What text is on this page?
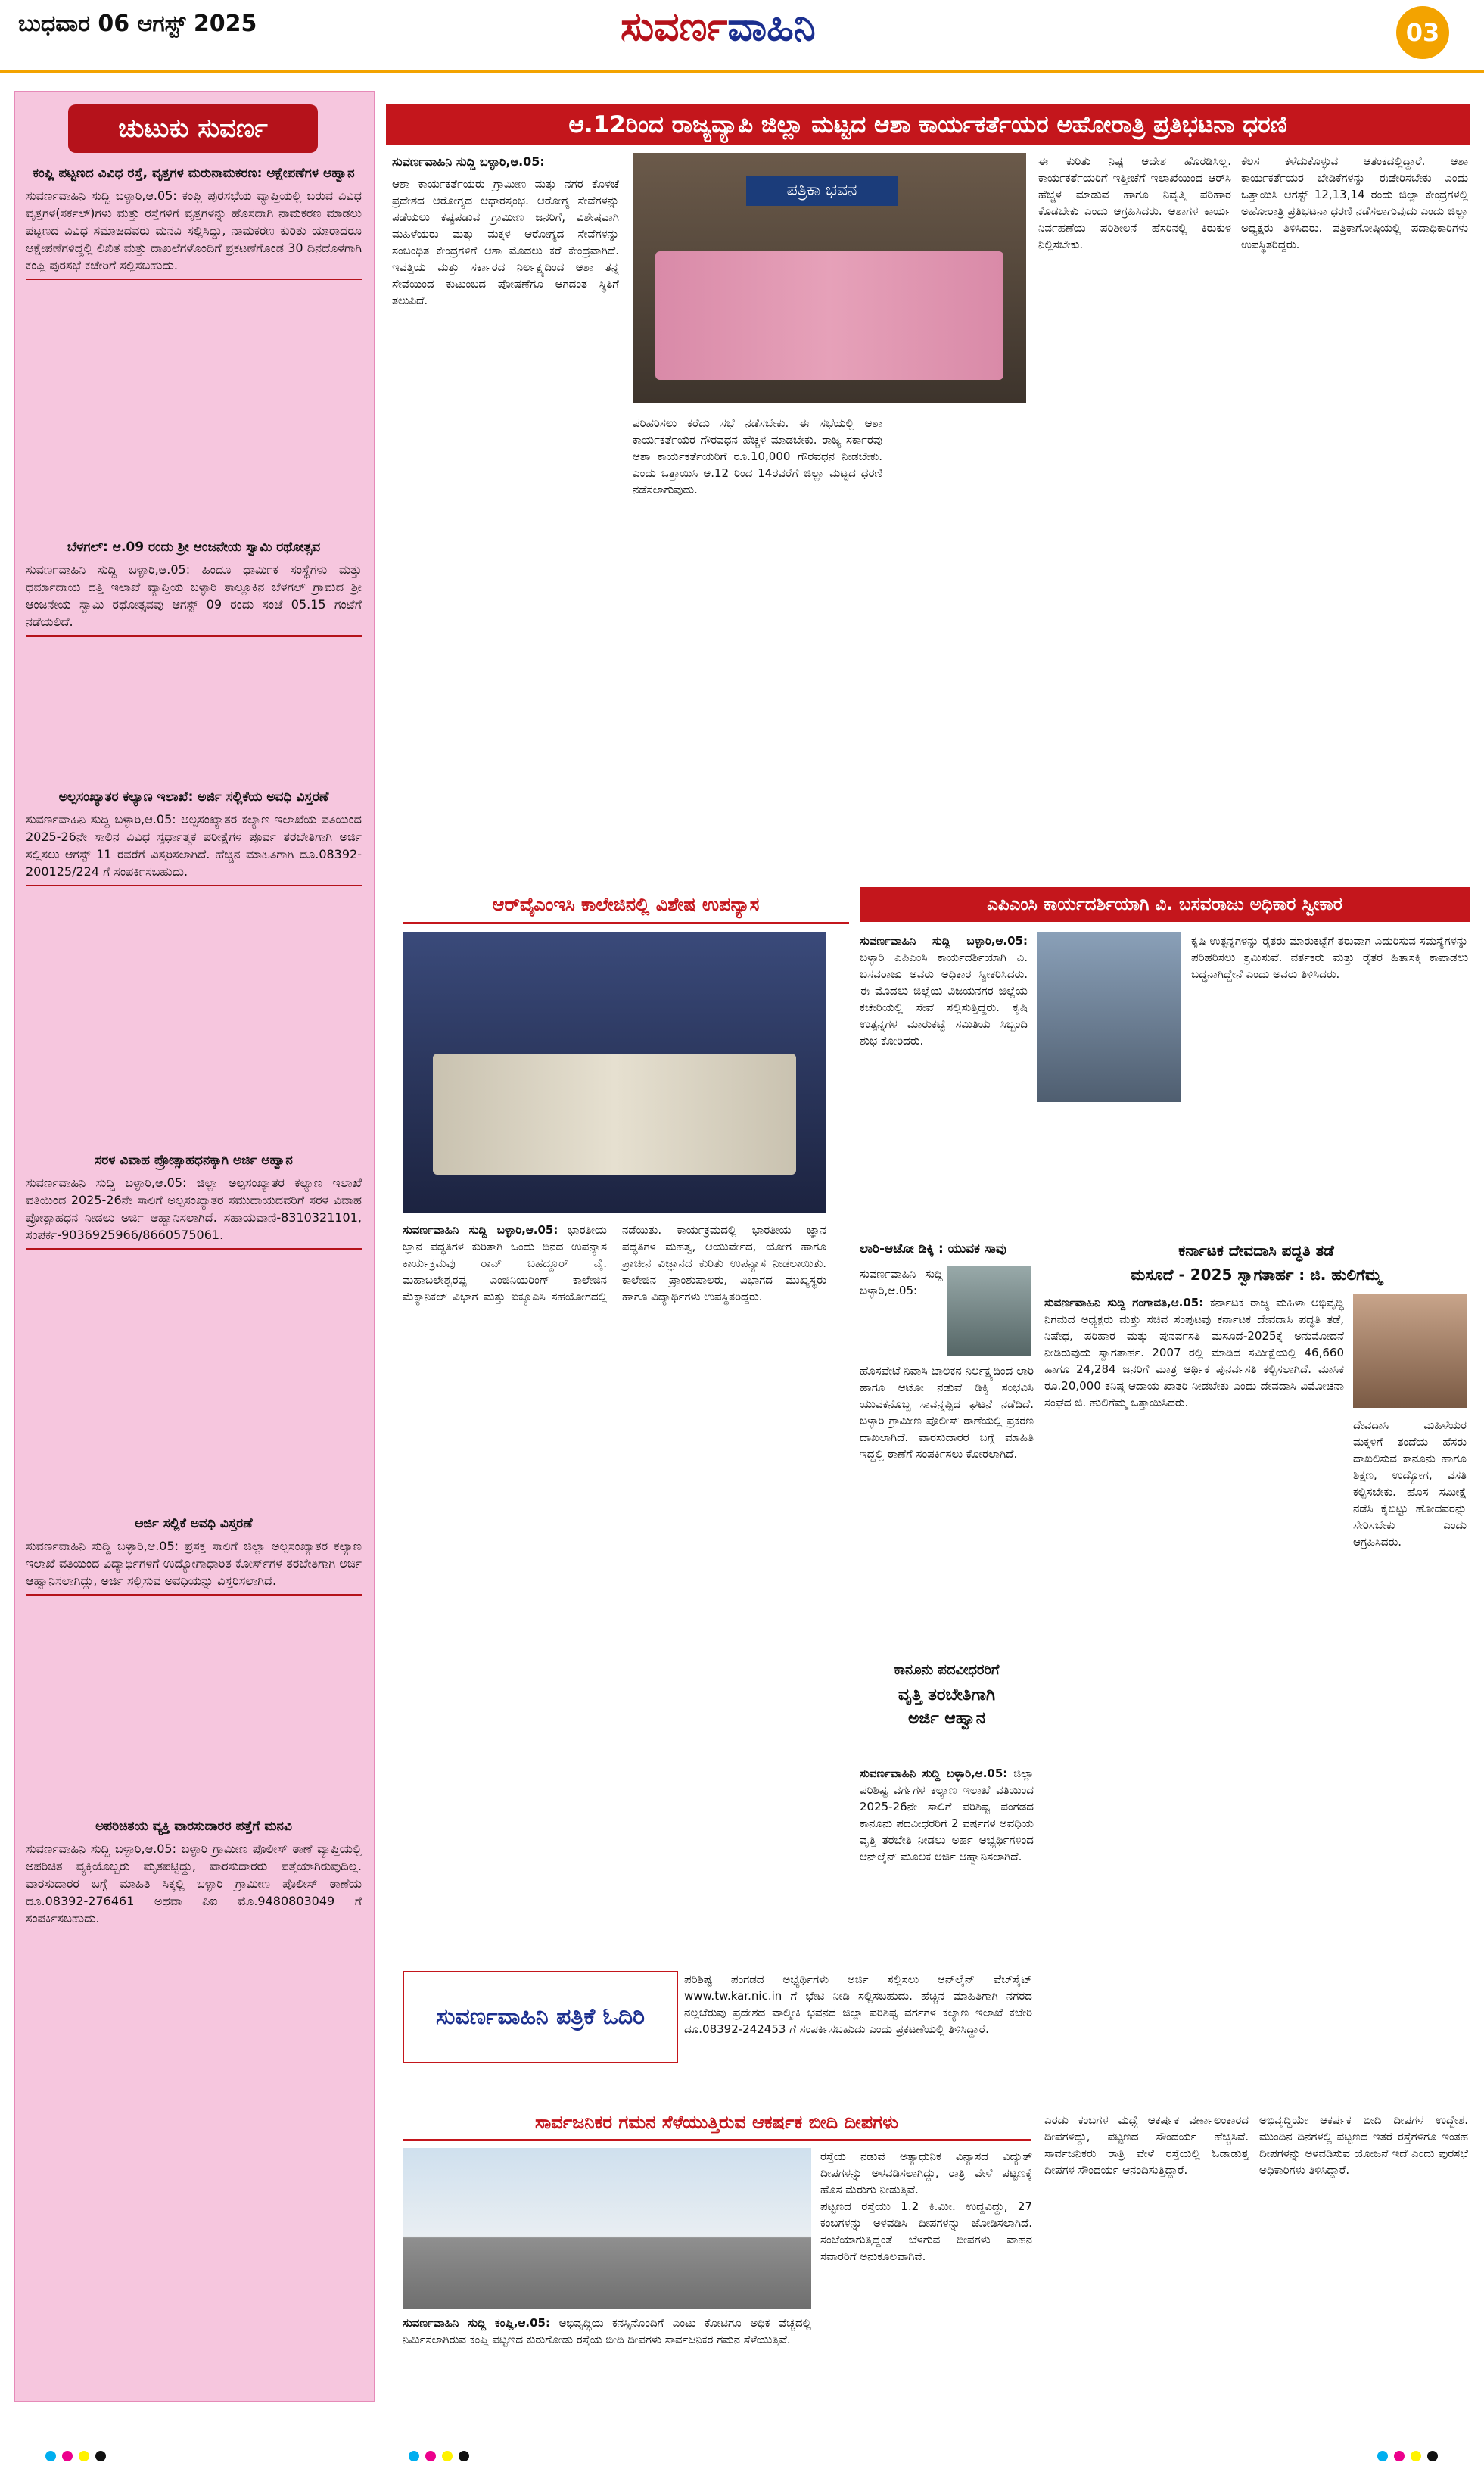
ಬುಧವಾರ 06 ಆಗಸ್ಟ್ 2025	ಸುವರ್ಣವಾಹಿನಿ	03
ಚುಟುಕು ಸುವರ್ಣ
ಕಂಪ್ಲಿ ಪಟ್ಟಣದ ವಿವಿಧ ರಸ್ತೆ, ವೃತ್ತಗಳ ಮರುನಾಮಕರಣ: ಆಕ್ಷೇಪಣೆಗಳ ಆಹ್ವಾನ
ಸುವರ್ಣವಾಹಿನಿ ಸುದ್ದಿ ಬಳ್ಳಾರಿ,ಆ.05: ಕಂಪ್ಲಿ ಪುರಸಭೆಯ ವ್ಯಾಪ್ತಿಯಲ್ಲಿ ಬರುವ ವಿವಿಧ ವೃತ್ತಗಳ(ಸರ್ಕಲ್)ಗಳು ಮತ್ತು ರಸ್ತೆಗಳಿಗೆ ವೃತ್ತಗಳನ್ನು ಹೊಸದಾಗಿ ನಾಮಕರಣ ಮಾಡಲು ಪಟ್ಟಣದ ವಿವಿಧ ಸಮಾಜದವರು ಮನವಿ ಸಲ್ಲಿಸಿದ್ದು, ನಾಮಕರಣ ಕುರಿತು ಯಾರಾದರೂ ಆಕ್ಷೇಪಣೆಗಳಿದ್ದಲ್ಲಿ ಲಿಖಿತ ಮತ್ತು ದಾಖಲೆಗಳೊಂದಿಗೆ ಪ್ರಕಟಣೆಗೊಂಡ 30 ದಿನದೊಳಗಾಗಿ ಕಂಪ್ಲಿ ಪುರಸಭೆ ಕಚೇರಿಗೆ ಸಲ್ಲಿಸಬಹುದು.
ಬೆಳಗಲ್: ಆ.09 ರಂದು ಶ್ರೀ ಆಂಜನೇಯ ಸ್ವಾಮಿ ರಥೋತ್ಸವ
ಸುವರ್ಣವಾಹಿನಿ ಸುದ್ದಿ ಬಳ್ಳಾರಿ,ಆ.05: ಹಿಂದೂ ಧಾರ್ಮಿಕ ಸಂಸ್ಥೆಗಳು ಮತ್ತು ಧರ್ಮಾದಾಯ ದತ್ತಿ ಇಲಾಖೆ ವ್ಯಾಪ್ತಿಯ ಬಳ್ಳಾರಿ ತಾಲ್ಲೂಕಿನ ಬೆಳಗಲ್ ಗ್ರಾಮದ ಶ್ರೀ ಆಂಜನೇಯ ಸ್ವಾಮಿ ರಥೋತ್ಸವವು ಆಗಸ್ಟ್ 09 ರಂದು ಸಂಜೆ 05.15 ಗಂಟೆಗೆ ನಡೆಯಲಿದೆ.
ಅಲ್ಪಸಂಖ್ಯಾತರ ಕಲ್ಯಾಣ ಇಲಾಖೆ: ಅರ್ಜಿ ಸಲ್ಲಿಕೆಯ ಅವಧಿ ವಿಸ್ತರಣೆ
ಸುವರ್ಣವಾಹಿನಿ ಸುದ್ದಿ ಬಳ್ಳಾರಿ,ಆ.05: ಅಲ್ಪಸಂಖ್ಯಾತರ ಕಲ್ಯಾಣ ಇಲಾಖೆಯ ವತಿಯಿಂದ 2025-26ನೇ ಸಾಲಿನ ವಿವಿಧ ಸ್ಪರ್ಧಾತ್ಮಕ ಪರೀಕ್ಷೆಗಳ ಪೂರ್ವ ತರಬೇತಿಗಾಗಿ ಅರ್ಜಿ ಸಲ್ಲಿಸಲು ಆಗಸ್ಟ್ 11 ರವರೆಗೆ ವಿಸ್ತರಿಸಲಾಗಿದೆ. ಹೆಚ್ಚಿನ ಮಾಹಿತಿಗಾಗಿ ದೂ.08392-200125/224 ಗೆ ಸಂಪರ್ಕಿಸಬಹುದು.
ಸರಳ ವಿವಾಹ ಪ್ರೋತ್ಸಾಹಧನಕ್ಕಾಗಿ ಅರ್ಜಿ ಆಹ್ವಾನ
ಸುವರ್ಣವಾಹಿನಿ ಸುದ್ದಿ ಬಳ್ಳಾರಿ,ಆ.05: ಜಿಲ್ಲಾ ಅಲ್ಪಸಂಖ್ಯಾತರ ಕಲ್ಯಾಣ ಇಲಾಖೆ ವತಿಯಿಂದ 2025-26ನೇ ಸಾಲಿಗೆ ಅಲ್ಪಸಂಖ್ಯಾತರ ಸಮುದಾಯದವರಿಗೆ ಸರಳ ವಿವಾಹ ಪ್ರೋತ್ಸಾಹಧನ ನೀಡಲು ಅರ್ಜಿ ಆಹ್ವಾನಿಸಲಾಗಿದೆ. ಸಹಾಯವಾಣಿ-8310321101, ಸಂಪರ್ಕ-9036925966/8660575061.
ಅರ್ಜಿ ಸಲ್ಲಿಕೆ ಅವಧಿ ವಿಸ್ತರಣೆ
ಸುವರ್ಣವಾಹಿನಿ ಸುದ್ದಿ ಬಳ್ಳಾರಿ,ಆ.05: ಪ್ರಸಕ್ತ ಸಾಲಿಗೆ ಜಿಲ್ಲಾ ಅಲ್ಪಸಂಖ್ಯಾತರ ಕಲ್ಯಾಣ ಇಲಾಖೆ ವತಿಯಿಂದ ವಿದ್ಯಾರ್ಥಿಗಳಿಗೆ ಉದ್ಯೋಗಾಧಾರಿತ ಕೋರ್ಸ್‌ಗಳ ತರಬೇತಿಗಾಗಿ ಅರ್ಜಿ ಆಹ್ವಾನಿಸಲಾಗಿದ್ದು, ಅರ್ಜಿ ಸಲ್ಲಿಸುವ ಅವಧಿಯನ್ನು ವಿಸ್ತರಿಸಲಾಗಿದೆ.
ಅಪರಿಚಿತಯ ವ್ಯಕ್ತಿ ವಾರಸುದಾರರ ಪತ್ತೆಗೆ ಮನವಿ
ಸುವರ್ಣವಾಹಿನಿ ಸುದ್ದಿ ಬಳ್ಳಾರಿ,ಆ.05: ಬಳ್ಳಾರಿ ಗ್ರಾಮೀಣ ಪೊಲೀಸ್ ಠಾಣೆ ವ್ಯಾಪ್ತಿಯಲ್ಲಿ ಅಪರಿಚಿತ ವ್ಯಕ್ತಿಯೊಬ್ಬರು ಮೃತಪಟ್ಟಿದ್ದು, ವಾರಸುದಾರರು ಪತ್ತೆಯಾಗಿರುವುದಿಲ್ಲ. ವಾರಸುದಾರರ ಬಗ್ಗೆ ಮಾಹಿತಿ ಸಿಕ್ಕಲ್ಲಿ ಬಳ್ಳಾರಿ ಗ್ರಾಮೀಣ ಪೊಲೀಸ್ ಠಾಣೆಯ ದೂ.08392-276461 ಅಥವಾ ಪಿಐ ಮೊ.9480803049 ಗೆ ಸಂಪರ್ಕಿಸಬಹುದು.
ಆ.12ರಿಂದ ರಾಜ್ಯವ್ಯಾಪಿ ಜಿಲ್ಲಾ ಮಟ್ಟದ ಆಶಾ ಕಾರ್ಯಕರ್ತೆಯರ ಅಹೋರಾತ್ರಿ ಪ್ರತಿಭಟನಾ ಧರಣಿ
ಸುವರ್ಣವಾಹಿನಿ ಸುದ್ದಿ ಬಳ್ಳಾರಿ,ಆ.05:
ಆಶಾ ಕಾರ್ಯಕರ್ತೆಯರು ಗ್ರಾಮೀಣ ಮತ್ತು ನಗರ ಕೊಳಚೆ ಪ್ರದೇಶದ ಆರೋಗ್ಯದ ಆಧಾರಸ್ತಂಭ. ಆರೋಗ್ಯ ಸೇವೆಗಳನ್ನು ಪಡೆಯಲು ಕಷ್ಟಪಡುವ ಗ್ರಾಮೀಣ ಜನರಿಗೆ, ವಿಶೇಷವಾಗಿ ಮಹಿಳೆಯರು ಮತ್ತು ಮಕ್ಕಳ ಆರೋಗ್ಯದ ಸೇವೆಗಳನ್ನು ಸಂಬಂಧಿತ ಕೇಂದ್ರಗಳಿಗೆ ಆಶಾ ಮೊದಲು ಕರೆ ಕೇಂದ್ರವಾಗಿದೆ. ಇವತ್ತಿಯ ಮತ್ತು ಸರ್ಕಾರದ ನಿರ್ಲಕ್ಷ್ಯದಿಂದ ಆಶಾ ತನ್ನ ಸೇವೆಯಿಂದ ಕುಟುಂಬದ ಪೋಷಣೆಗೂ ಆಗದಂತ ಸ್ಥಿತಿಗೆ ತಲುಪಿದೆ.
ಪತ್ರಿಕಾ ಭವನ
ಪರಿಹರಿಸಲು ಕರೆದು ಸಭೆ ನಡೆಸಬೇಕು. ಈ ಸಭೆಯಲ್ಲಿ ಆಶಾ ಕಾರ್ಯಕರ್ತೆಯರ ಗೌರವಧನ ಹೆಚ್ಚಳ ಮಾಡಬೇಕು. ರಾಜ್ಯ ಸರ್ಕಾರವು ಆಶಾ ಕಾರ್ಯಕರ್ತೆಯರಿಗೆ ರೂ.10,000 ಗೌರವಧನ ನೀಡಬೇಕು. ಎಂದು ಒತ್ತಾಯಿಸಿ ಆ.12 ರಿಂದ 14ರವರೆಗೆ ಜಿಲ್ಲಾ ಮಟ್ಟದ ಧರಣಿ ನಡೆಸಲಾಗುವುದು.
ಈ ಕುರಿತು ನಿಷ್ಪ ಆದೇಶ ಹೊರಡಿಸಿಲ್ಲ. ಕಾರ್ಯಕರ್ತೆಯರಿಗೆ ಇತ್ತೀಚೆಗೆ ಇಲಾಖೆಯಿಂದ ಆರ್‌ಸಿ ಹೆಚ್ಚಳ ಮಾಡುವ ಹಾಗೂ ನಿವೃತ್ತಿ ಪರಿಹಾರ ಕೊಡಬೇಕು ಎಂದು ಆಗ್ರಹಿಸಿದರು. ಆಶಾಗಳ ಕಾರ್ಯ ನಿರ್ವಹಣೆಯ ಪರಿಶೀಲನೆ ಹೆಸರಿನಲ್ಲಿ ಕಿರುಕುಳ ನಿಲ್ಲಿಸಬೇಕು.
ಕೆಲಸ ಕಳೆದುಕೊಳ್ಳುವ ಆತಂಕದಲ್ಲಿದ್ದಾರೆ. ಆಶಾ ಕಾರ್ಯಕರ್ತೆಯರ ಬೇಡಿಕೆಗಳನ್ನು ಈಡೇರಿಸಬೇಕು ಎಂದು ಒತ್ತಾಯಿಸಿ ಆಗಸ್ಟ್ 12,13,14 ರಂದು ಜಿಲ್ಲಾ ಕೇಂದ್ರಗಳಲ್ಲಿ ಅಹೋರಾತ್ರಿ ಪ್ರತಿಭಟನಾ ಧರಣಿ ನಡೆಸಲಾಗುವುದು ಎಂದು ಜಿಲ್ಲಾ ಅಧ್ಯಕ್ಷರು ತಿಳಿಸಿದರು. ಪತ್ರಿಕಾಗೋಷ್ಠಿಯಲ್ಲಿ ಪದಾಧಿಕಾರಿಗಳು ಉಪಸ್ಥಿತರಿದ್ದರು.
ಆರ್‌ವೈಎಂಇಸಿ ಕಾಲೇಜಿನಲ್ಲಿ ವಿಶೇಷ ಉಪನ್ಯಾಸ
ಸುವರ್ಣವಾಹಿನಿ ಸುದ್ದಿ ಬಳ್ಳಾರಿ,ಆ.05: ಭಾರತೀಯ ಜ್ಞಾನ ಪದ್ಧತಿಗಳ ಕುರಿತಾಗಿ ಒಂದು ದಿನದ ಉಪನ್ಯಾಸ ಕಾರ್ಯಕ್ರಮವು ರಾವ್ ಬಹದ್ದೂರ್ ವೈ. ಮಹಾಬಲೇಶ್ವರಪ್ಪ ಎಂಜಿನಿಯರಿಂಗ್ ಕಾಲೇಜಿನ ಮೆಕ್ಯಾನಿಕಲ್ ವಿಭಾಗ ಮತ್ತು ಐಕ್ಯೂಎಸಿ ಸಹಯೋಗದಲ್ಲಿ ನಡೆಯಿತು. ಕಾರ್ಯಕ್ರಮದಲ್ಲಿ ಭಾರತೀಯ ಜ್ಞಾನ ಪದ್ಧತಿಗಳ ಮಹತ್ವ, ಆಯುರ್ವೇದ, ಯೋಗ ಹಾಗೂ ಪ್ರಾಚೀನ ವಿಜ್ಞಾನದ ಕುರಿತು ಉಪನ್ಯಾಸ ನೀಡಲಾಯಿತು. ಕಾಲೇಜಿನ ಪ್ರಾಂಶುಪಾಲರು, ವಿಭಾಗದ ಮುಖ್ಯಸ್ಥರು ಹಾಗೂ ವಿದ್ಯಾರ್ಥಿಗಳು ಉಪಸ್ಥಿತರಿದ್ದರು.
ಎಪಿಎಂಸಿ ಕಾರ್ಯದರ್ಶಿಯಾಗಿ ವಿ. ಬಸವರಾಜು ಅಧಿಕಾರ ಸ್ವೀಕಾರ
ಸುವರ್ಣವಾಹಿನಿ ಸುದ್ದಿ ಬಳ್ಳಾರಿ,ಆ.05: ಬಳ್ಳಾರಿ ಎಪಿಎಂಸಿ ಕಾರ್ಯದರ್ಶಿಯಾಗಿ ವಿ. ಬಸವರಾಜು ಅವರು ಅಧಿಕಾರ ಸ್ವೀಕರಿಸಿದರು. ಈ ಮೊದಲು ಜಿಲ್ಲೆಯ ವಿಜಯನಗರ ಜಿಲ್ಲೆಯ ಕಚೇರಿಯಲ್ಲಿ ಸೇವೆ ಸಲ್ಲಿಸುತ್ತಿದ್ದರು. ಕೃಷಿ ಉತ್ಪನ್ನಗಳ ಮಾರುಕಟ್ಟೆ ಸಮಿತಿಯ ಸಿಬ್ಬಂದಿ ಶುಭ ಕೋರಿದರು.
ಕೃಷಿ ಉತ್ಪನ್ನಗಳನ್ನು ರೈತರು ಮಾರುಕಟ್ಟೆಗೆ ತರುವಾಗ ಎದುರಿಸುವ ಸಮಸ್ಯೆಗಳನ್ನು ಪರಿಹರಿಸಲು ಶ್ರಮಿಸುವೆ. ವರ್ತಕರು ಮತ್ತು ರೈತರ ಹಿತಾಸಕ್ತಿ ಕಾಪಾಡಲು ಬದ್ಧನಾಗಿದ್ದೇನೆ ಎಂದು ಅವರು ತಿಳಿಸಿದರು.
ಲಾರಿ-ಆಟೋ ಡಿಕ್ಕಿ : ಯುವಕ ಸಾವು
ಸುವರ್ಣವಾಹಿನಿ ಸುದ್ದಿ ಬಳ್ಳಾರಿ,ಆ.05:
ಹೊಸಪೇಟೆ ನಿವಾಸಿ ಚಾಲಕನ ನಿರ್ಲಕ್ಷ್ಯದಿಂದ ಲಾರಿ ಹಾಗೂ ಆಟೋ ನಡುವೆ ಡಿಕ್ಕಿ ಸಂಭವಿಸಿ ಯುವಕನೊಬ್ಬ ಸಾವನ್ನಪ್ಪಿದ ಘಟನೆ ನಡೆದಿದೆ. ಬಳ್ಳಾರಿ ಗ್ರಾಮೀಣ ಪೊಲೀಸ್ ಠಾಣೆಯಲ್ಲಿ ಪ್ರಕರಣ ದಾಖಲಾಗಿದೆ. ವಾರಸುದಾರರ ಬಗ್ಗೆ ಮಾಹಿತಿ ಇದ್ದಲ್ಲಿ ಠಾಣೆಗೆ ಸಂಪರ್ಕಿಸಲು ಕೋರಲಾಗಿದೆ.
ಕಾನೂನು ಪದವೀಧರರಿಗೆ
ವೃತ್ತಿ ತರಬೇತಿಗಾಗಿ
ಅರ್ಜಿ ಆಹ್ವಾನ
ಸುವರ್ಣವಾಹಿನಿ ಸುದ್ದಿ ಬಳ್ಳಾರಿ,ಆ.05: ಜಿಲ್ಲಾ ಪರಿಶಿಷ್ಟ ವರ್ಗಗಳ ಕಲ್ಯಾಣ ಇಲಾಖೆ ವತಿಯಿಂದ 2025-26ನೇ ಸಾಲಿಗೆ ಪರಿಶಿಷ್ಟ ಪಂಗಡದ ಕಾನೂನು ಪದವೀಧರರಿಗೆ 2 ವರ್ಷಗಳ ಅವಧಿಯ ವೃತ್ತಿ ತರಬೇತಿ ನೀಡಲು ಅರ್ಹ ಅಭ್ಯರ್ಥಿಗಳಿಂದ ಆನ್‌ಲೈನ್ ಮೂಲಕ ಅರ್ಜಿ ಆಹ್ವಾನಿಸಲಾಗಿದೆ.
ಕರ್ನಾಟಕ ದೇವದಾಸಿ ಪದ್ಧತಿ ತಡೆ
ಮಸೂದೆ - 2025 ಸ್ವಾಗತಾರ್ಹ : ಜಿ. ಹುಲಿಗೆಮ್ಮ
ಸುವರ್ಣವಾಹಿನಿ ಸುದ್ದಿ ಗಂಗಾವತಿ,ಆ.05: ಕರ್ನಾಟಕ ರಾಜ್ಯ ಮಹಿಳಾ ಅಭಿವೃದ್ಧಿ ನಿಗಮದ ಅಧ್ಯಕ್ಷರು ಮತ್ತು ಸಚಿವ ಸಂಪುಟವು ಕರ್ನಾಟಕ ದೇವದಾಸಿ ಪದ್ಧತಿ ತಡೆ, ನಿಷೇಧ, ಪರಿಹಾರ ಮತ್ತು ಪುನರ್ವಸತಿ ಮಸೂದೆ-2025ಕ್ಕೆ ಅನುಮೋದನೆ ನೀಡಿರುವುದು ಸ್ವಾಗತಾರ್ಹ. 2007 ರಲ್ಲಿ ಮಾಡಿದ ಸಮೀಕ್ಷೆಯಲ್ಲಿ 46,660 ಹಾಗೂ 24,284 ಜನರಿಗೆ ಮಾತ್ರ ಆರ್ಥಿಕ ಪುನರ್ವಸತಿ ಕಲ್ಪಿಸಲಾಗಿದೆ. ಮಾಸಿಕ ರೂ.20,000 ಕನಿಷ್ಠ ಆದಾಯ ಖಾತರಿ ನೀಡಬೇಕು ಎಂದು ದೇವದಾಸಿ ವಿಮೋಚನಾ ಸಂಘದ ಜಿ. ಹುಲಿಗೆಮ್ಮ ಒತ್ತಾಯಿಸಿದರು.
ದೇವದಾಸಿ ಮಹಿಳೆಯರ ಮಕ್ಕಳಿಗೆ ತಂದೆಯ ಹೆಸರು ದಾಖಲಿಸುವ ಕಾನೂನು ಹಾಗೂ ಶಿಕ್ಷಣ, ಉದ್ಯೋಗ, ವಸತಿ ಕಲ್ಪಿಸಬೇಕು. ಹೊಸ ಸಮೀಕ್ಷೆ ನಡೆಸಿ ಕೈಬಿಟ್ಟು ಹೋದವರನ್ನು ಸೇರಿಸಬೇಕು ಎಂದು ಆಗ್ರಹಿಸಿದರು.
ಸುವರ್ಣವಾಹಿನಿ ಪತ್ರಿಕೆ ಓದಿರಿ
ಪರಿಶಿಷ್ಟ ಪಂಗಡದ ಅಭ್ಯರ್ಥಿಗಳು ಅರ್ಜಿ ಸಲ್ಲಿಸಲು ಆನ್‌ಲೈನ್ ವೆಬ್‌ಸೈಟ್ www.tw.kar.nic.in ಗೆ ಭೇಟಿ ನೀಡಿ ಸಲ್ಲಿಸಬಹುದು. ಹೆಚ್ಚಿನ ಮಾಹಿತಿಗಾಗಿ ನಗರದ ನಲ್ಲಚೆರುವು ಪ್ರದೇಶದ ವಾಲ್ಮೀಕಿ ಭವನದ ಜಿಲ್ಲಾ ಪರಿಶಿಷ್ಟ ವರ್ಗಗಳ ಕಲ್ಯಾಣ ಇಲಾಖೆ ಕಚೇರಿ ದೂ.08392-242453 ಗೆ ಸಂಪರ್ಕಿಸಬಹುದು ಎಂದು ಪ್ರಕಟಣೆಯಲ್ಲಿ ತಿಳಿಸಿದ್ದಾರೆ.
ಸಾರ್ವಜನಿಕರ ಗಮನ ಸೆಳೆಯುತ್ತಿರುವ ಆಕರ್ಷಕ ಬೀದಿ ದೀಪಗಳು
ಸುವರ್ಣವಾಹಿನಿ ಸುದ್ದಿ ಕಂಪ್ಲಿ,ಆ.05: ಅಭಿವೃದ್ಧಿಯ ಕನಸ್ಸಿನೊಂದಿಗೆ ಎಂಟು ಕೋಟಿಗೂ ಅಧಿಕ ವೆಚ್ಚದಲ್ಲಿ ನಿರ್ಮಿಸಲಾಗಿರುವ ಕಂಪ್ಲಿ ಪಟ್ಟಣದ ಕುರುಗೋಡು ರಸ್ತೆಯ ಬೀದಿ ದೀಪಗಳು ಸಾರ್ವಜನಿಕರ ಗಮನ ಸೆಳೆಯುತ್ತಿವೆ.
ರಸ್ತೆಯ ನಡುವೆ ಅತ್ಯಾಧುನಿಕ ವಿನ್ಯಾಸದ ವಿದ್ಯುತ್ ದೀಪಗಳನ್ನು ಅಳವಡಿಸಲಾಗಿದ್ದು, ರಾತ್ರಿ ವೇಳೆ ಪಟ್ಟಣಕ್ಕೆ ಹೊಸ ಮೆರುಗು ನೀಡುತ್ತಿವೆ.
ಪಟ್ಟಣದ ರಸ್ತೆಯು 1.2 ಕಿ.ಮೀ. ಉದ್ದವಿದ್ದು, 27 ಕಂಬಗಳನ್ನು ಅಳವಡಿಸಿ ದೀಪಗಳನ್ನು ಜೋಡಿಸಲಾಗಿದೆ. ಸಂಜೆಯಾಗುತ್ತಿದ್ದಂತೆ ಬೆಳಗುವ ದೀಪಗಳು ವಾಹನ ಸವಾರರಿಗೆ ಅನುಕೂಲವಾಗಿವೆ.
ಎರಡು ಕಂಬಗಳ ಮಧ್ಯೆ ಆಕರ್ಷಕ ವರ್ಣಾಲಂಕಾರದ ದೀಪಗಳಿದ್ದು, ಪಟ್ಟಣದ ಸೌಂದರ್ಯ ಹೆಚ್ಚಿಸಿವೆ. ಸಾರ್ವಜನಿಕರು ರಾತ್ರಿ ವೇಳೆ ರಸ್ತೆಯಲ್ಲಿ ಓಡಾಡುತ್ತ ದೀಪಗಳ ಸೌಂದರ್ಯ ಆನಂದಿಸುತ್ತಿದ್ದಾರೆ.
ಅಭಿವೃದ್ಧಿಯೇ ಆಕರ್ಷಕ ಬೀದಿ ದೀಪಗಳ ಉದ್ದೇಶ. ಮುಂದಿನ ದಿನಗಳಲ್ಲಿ ಪಟ್ಟಣದ ಇತರೆ ರಸ್ತೆಗಳಿಗೂ ಇಂತಹ ದೀಪಗಳನ್ನು ಅಳವಡಿಸುವ ಯೋಜನೆ ಇದೆ ಎಂದು ಪುರಸಭೆ ಅಧಿಕಾರಿಗಳು ತಿಳಿಸಿದ್ದಾರೆ.
